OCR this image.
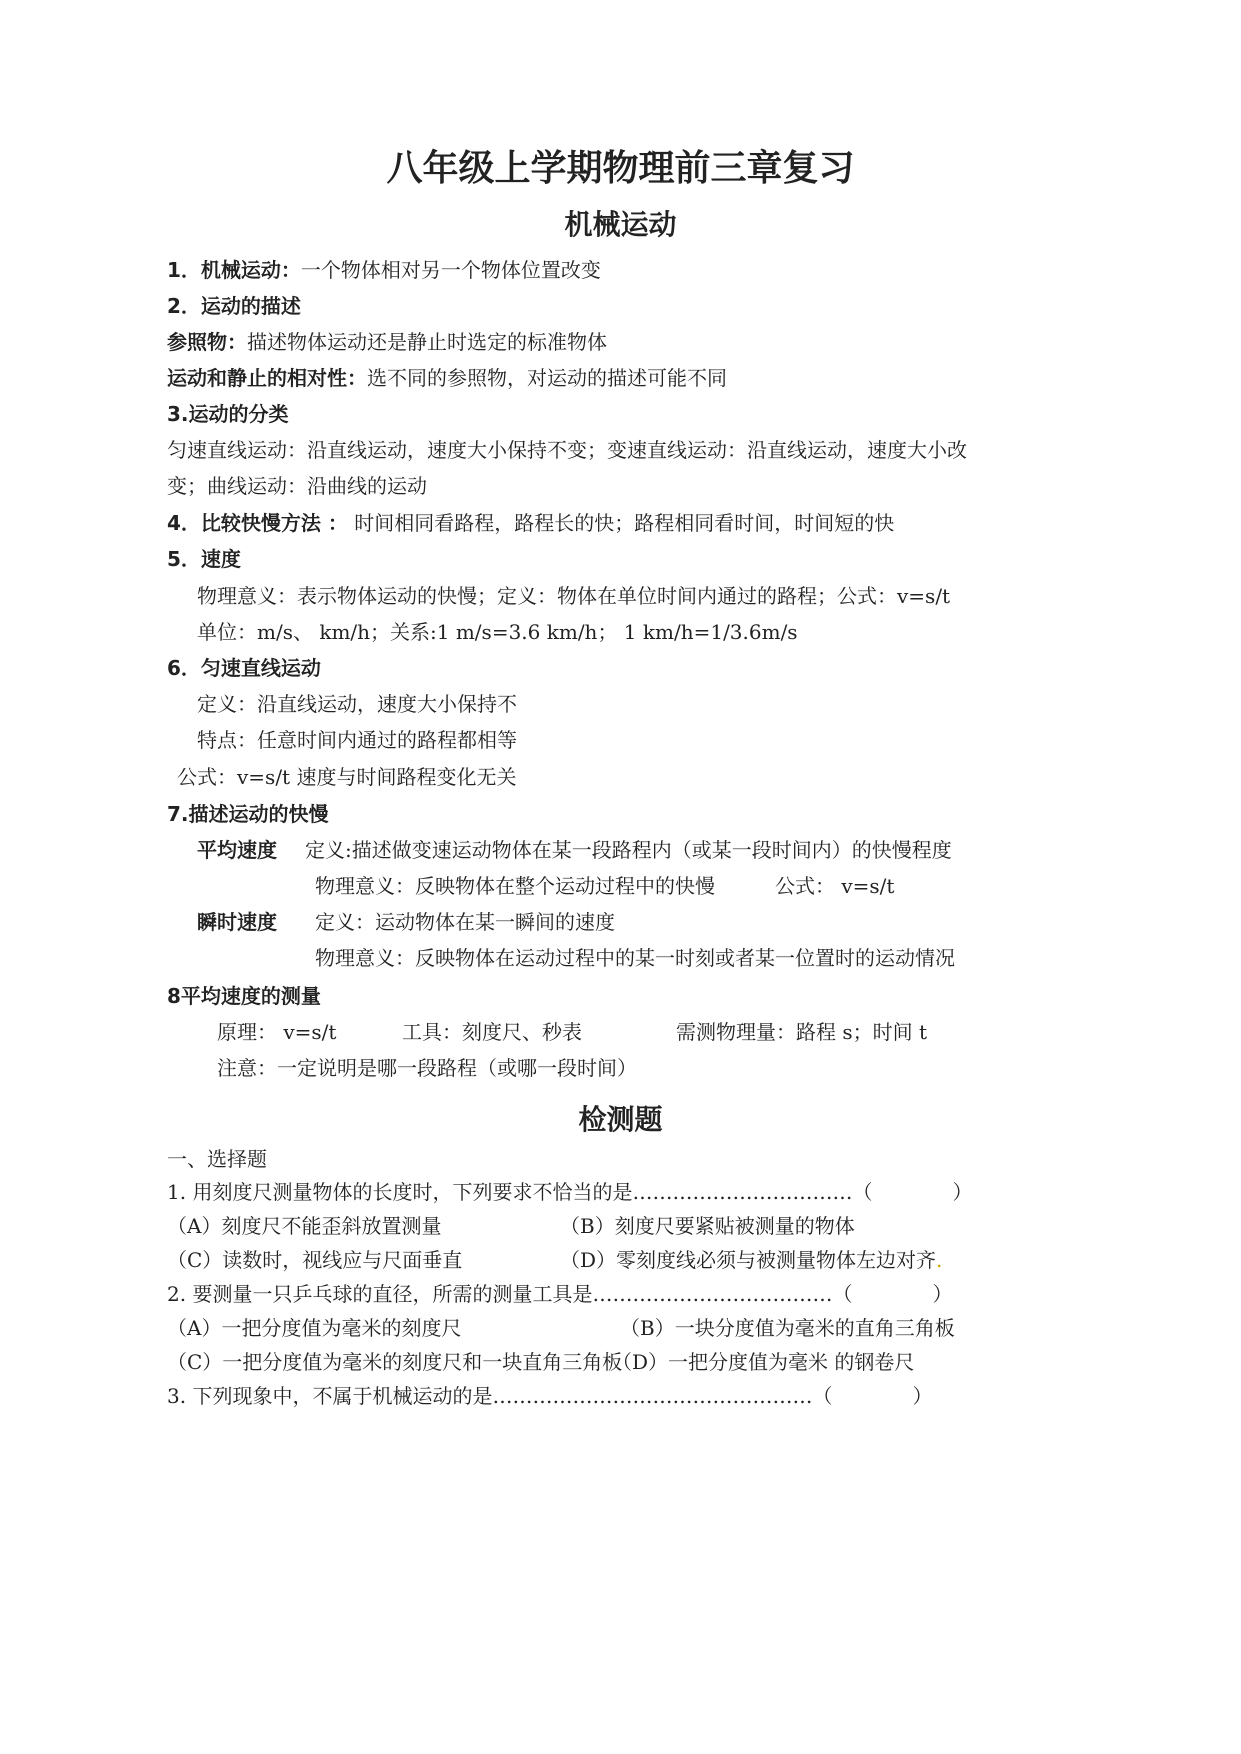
八年级上学期物理前三章复习
机械运动
1．机械运动：一个物体相对另一个物体位置改变
2．运动的描述
参照物：描述物体运动还是静止时选定的标准物体
运动和静止的相对性：选不同的参照物，对运动的描述可能不同
3.运动的分类
匀速直线运动：沿直线运动，速度大小保持不变；变速直线运动：沿直线运动，速度大小改
变；曲线运动：沿曲线的运动
4．比较快慢方法 ： 时间相同看路程，路程长的快；路程相同看时间，时间短的快
5．速度
物理意义：表示物体运动的快慢；定义：物体在单位时间内通过的路程；公式：v=s/t
单位：m/s、 km/h；关系:1 m/s=3.6 km/h； 1 km/h=1/3.6m/s
6．匀速直线运动
定义：沿直线运动，速度大小保持不
特点：任意时间内通过的路程都相等
公式：v=s/t 速度与时间路程变化无关
7.描述运动的快慢
平均速度 定义:描述做变速运动物体在某一段路程内（或某一段时间内）的快慢程度
物理意义：反映物体在整个运动过程中的快慢	公式： v=s/t
瞬时速度 定义：运动物体在某一瞬间的速度
物理意义：反映物体在运动过程中的某一时刻或者某一位置时的运动情况
8平均速度的测量
原理： v=s/t	工具：刻度尺、秒表	需测物理量：路程 s；时间 t
注意：一定说明是哪一段路程（或哪一段时间）
检测题
一、选择题
1. 用刻度尺测量物体的长度时，下列要求不恰当的是……………………………（	）
（A）刻度尺不能歪斜放置测量	（B）刻度尺要紧贴被测量的物体
（C）读数时，视线应与尺面垂直	（D）零刻度线必须与被测量物体左边对齐.
2. 要测量一只乒乓球的直径，所需的测量工具是………………………………（	）
（A）一把分度值为毫米的刻度尺	（B）一块分度值为毫米的直角三角板
（C）一把分度值为毫米的刻度尺和一块直角三角板
（D）一把分度值为毫米 的钢卷尺
3. 下列现象中，不属于机械运动的是…………………………………………（	）
